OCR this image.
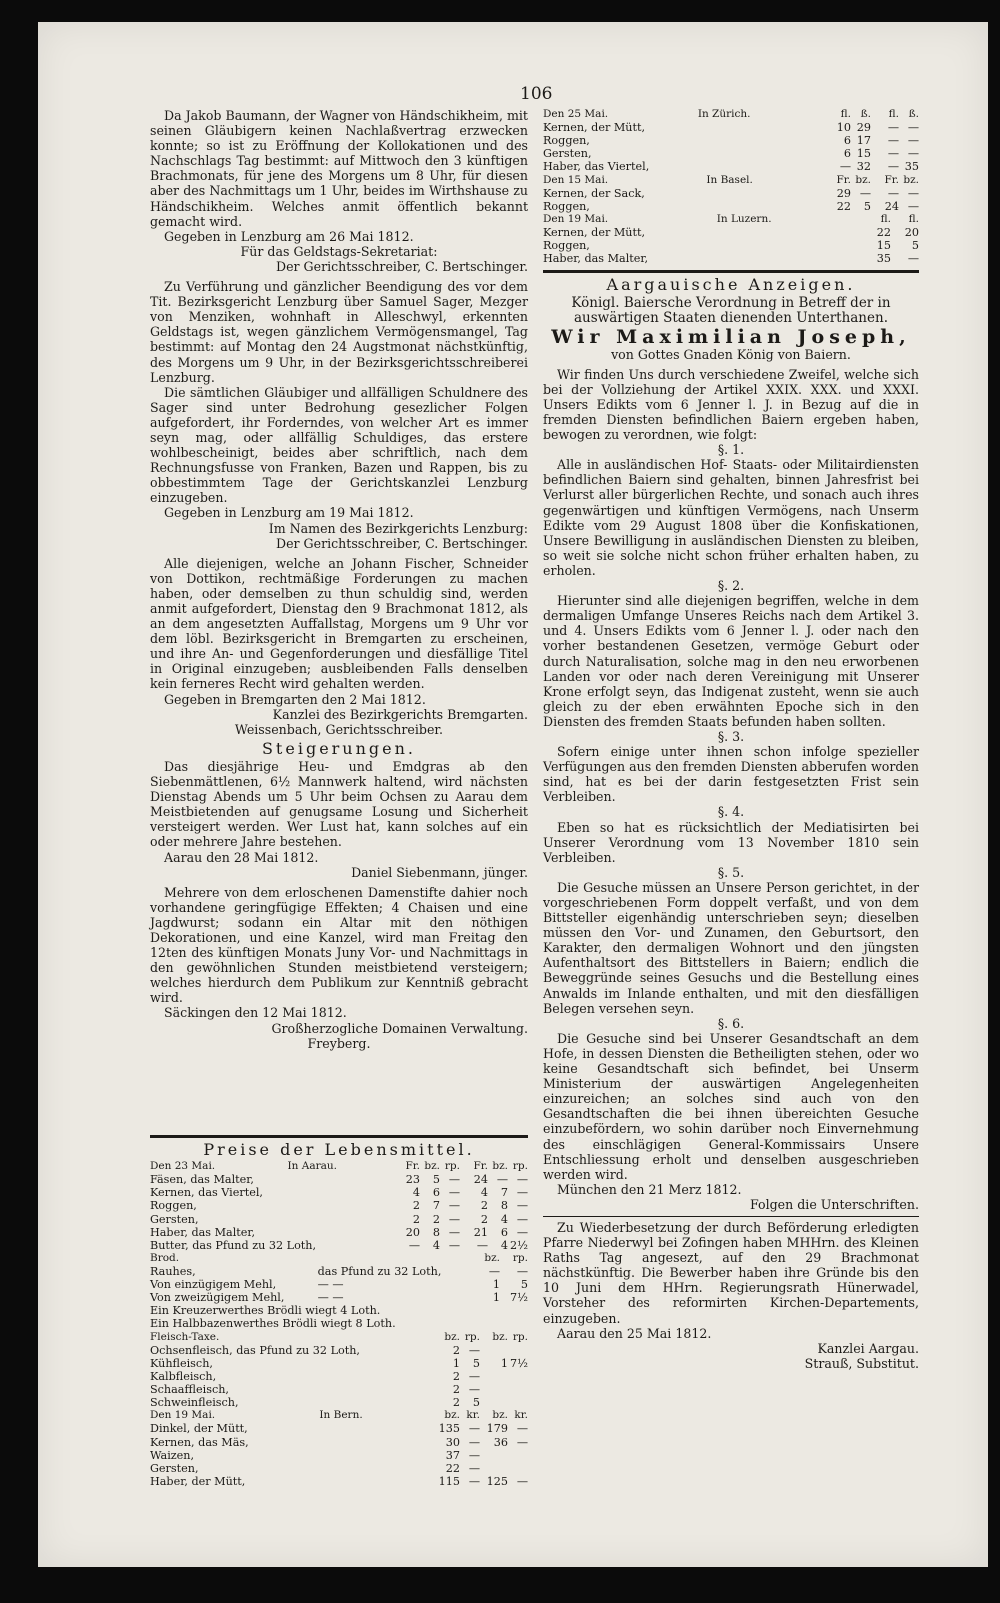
106

Da Jakob Baumann, der Wagner von Händschikheim, mit seinen Gläubigern keinen Nachlaßvertrag erzwecken konnte; so ist zu Eröffnung der Kollokationen und des Nachschlags Tag bestimmt: auf Mittwoch den 3 künftigen Brachmonats, für jene des Morgens um 8 Uhr, für diesen aber des Nachmittags um 1 Uhr, beides im Wirthshause zu Händschikheim. Welches anmit öffentlich bekannt gemacht wird.

Gegeben in Lenzburg am 26 Mai 1812.

Für das Geldstags-Sekretariat:

Der Gerichtsschreiber, C. Bertschinger.

Zu Verführung und gänzlicher Beendigung des vor dem Tit. Bezirksgericht Lenzburg über Samuel Sager, Mezger von Menziken, wohnhaft in Alleschwyl, erkennten Geldstags ist, wegen gänzlichem Vermögensmangel, Tag bestimmt: auf Montag den 24 Augstmonat nächstkünftig, des Morgens um 9 Uhr, in der Bezirksgerichtsschreiberei Lenzburg.

Die sämtlichen Gläubiger und allfälligen Schuldnere des Sager sind unter Bedrohung gesezlicher Folgen aufgefordert, ihr Forderndes, von welcher Art es immer seyn mag, oder allfällig Schuldiges, das erstere wohlbescheinigt, beides aber schriftlich, nach dem Rechnungsfusse von Franken, Bazen und Rappen, bis zu obbestimmtem Tage der Gerichtskanzlei Lenzburg einzugeben.

Gegeben in Lenzburg am 19 Mai 1812.

Im Namen des Bezirkgerichts Lenzburg:

Der Gerichtsschreiber, C. Bertschinger.

Alle diejenigen, welche an Johann Fischer, Schneider von Dottikon, rechtmäßige Forderungen zu machen haben, oder demselben zu thun schuldig sind, werden anmit aufgefordert, Dienstag den 9 Brachmonat 1812, als an dem angesetzten Auffallstag, Morgens um 9 Uhr vor dem löbl. Bezirksgericht in Bremgarten zu erscheinen, und ihre An- und Gegenforderungen und diesfällige Titel in Original einzugeben; ausbleibenden Falls denselben kein ferneres Recht wird gehalten werden.

Gegeben in Bremgarten den 2 Mai 1812.

Kanzlei des Bezirkgerichts Bremgarten.

Weissenbach, Gerichtsschreiber.

Steigerungen.

Das diesjährige Heu- und Emdgras ab den Siebenmättlenen, 6½ Mannwerk haltend, wird nächsten Dienstag Abends um 5 Uhr beim Ochsen zu Aarau dem Meistbietenden auf genugsame Losung und Sicherheit versteigert werden. Wer Lust hat, kann solches auf ein oder mehrere Jahre bestehen.

Aarau den 28 Mai 1812.

Daniel Siebenmann, jünger.

Mehrere von dem erloschenen Damenstifte dahier noch vorhandene geringfügige Effekten; 4 Chaisen und eine Jagdwurst; sodann ein Altar mit den nöthigen Dekorationen, und eine Kanzel, wird man Freitag den 12ten des künftigen Monats Juny Vor- und Nachmittags in den gewöhnlichen Stunden meistbietend versteigern; welches hierdurch dem Publikum zur Kenntniß gebracht wird.

Säckingen den 12 Mai 1812.

Großherzogliche Domainen Verwaltung.

Freyberg.

Preise der Lebensmittel.
Den 23 Mai.	In Aarau.	Fr.	bz.	rp.	Fr.	bz.	rp.
Fäsen, das Malter,		23	5	—	24	—	—
Kernen, das Viertel,		4	6	—	4	7	—
Roggen,		2	7	—	2	8	—
Gersten,		2	2	—	2	4	—
Haber, das Malter,		20	8	—	21	6	—
Butter, das Pfund zu 32 Loth,		—	4	—	—	4	2½
Brod.		bz.	rp.
Rauhes,	das Pfund zu 32 Loth,	—	—
Von einzügigem Mehl,	— —	1	5
Von zweizügigem Mehl,	— —	1	7½
Ein Kreuzerwerthes Brödli wiegt 4 Loth.			
Ein Halbbazenwerthes Brödli wiegt 8 Loth.			
Fleisch-Taxe.	bz.	rp.	bz.	rp.
Ochsenfleisch, das Pfund zu 32 Loth,	2	—		
Kühfleisch,	1	5	1	7½
Kalbfleisch,	2	—		
Schaaffleisch,	2	—		
Schweinfleisch,	2	5		
Den 19 Mai.	In Bern.	bz.	kr.	bz.	kr.
Dinkel, der Mütt,		135	—	179	—
Kernen, das Mäs,		30	—	36	—
Waizen,		37	—		
Gersten,		22	—		
Haber, der Mütt,		115	—	125	—
Den 25 Mai.	In Zürich.	fl.	ß.	fl.	ß.
Kernen, der Mütt,		10	29	—	—
Roggen,		6	17	—	—
Gersten,		6	15	—	—
Haber, das Viertel,		—	32	—	35
Den 15 Mai.	In Basel.	Fr.	bz.	Fr.	bz.
Kernen, der Sack,		29	—	—	—
Roggen,		22	5	24	—
Den 19 Mai.	In Luzern.	fl.	fl.
Kernen, der Mütt,		22	20
Roggen,		15	5
Haber, das Malter,		35	—
Aargauische Anzeigen.
Königl. Baiersche Verordnung in Betreff der in auswärtigen Staaten dienenden Unterthanen.
Wir Maximilian Joseph,

von Gottes Gnaden König von Baiern.

Wir finden Uns durch verschiedene Zweifel, welche sich bei der Vollziehung der Artikel XXIX. XXX. und XXXI. Unsers Edikts vom 6 Jenner l. J. in Bezug auf die in fremden Diensten befindlichen Baiern ergeben haben, bewogen zu verordnen, wie folgt:

§. 1.

Alle in ausländischen Hof- Staats- oder Militairdiensten befindlichen Baiern sind gehalten, binnen Jahresfrist bei Verlurst aller bürgerlichen Rechte, und sonach auch ihres gegenwärtigen und künftigen Vermögens, nach Unserm Edikte vom 29 August 1808 über die Konfiskationen, Unsere Bewilligung in ausländischen Diensten zu bleiben, so weit sie solche nicht schon früher erhalten haben, zu erholen.

§. 2.

Hierunter sind alle diejenigen begriffen, welche in dem dermaligen Umfange Unseres Reichs nach dem Artikel 3. und 4. Unsers Edikts vom 6 Jenner l. J. oder nach den vorher bestandenen Gesetzen, vermöge Geburt oder durch Naturalisation, solche mag in den neu erworbenen Landen vor oder nach deren Vereinigung mit Unserer Krone erfolgt seyn, das Indigenat zusteht, wenn sie auch gleich zu der eben erwähnten Epoche sich in den Diensten des fremden Staats befunden haben sollten.

§. 3.

Sofern einige unter ihnen schon infolge spezieller Verfügungen aus den fremden Diensten abberufen worden sind, hat es bei der darin festgesetzten Frist sein Verbleiben.

§. 4.

Eben so hat es rücksichtlich der Mediatisirten bei Unserer Verordnung vom 13 November 1810 sein Verbleiben.

§. 5.

Die Gesuche müssen an Unsere Person gerichtet, in der vorgeschriebenen Form doppelt verfaßt, und von dem Bittsteller eigenhändig unterschrieben seyn; dieselben müssen den Vor- und Zunamen, den Geburtsort, den Karakter, den dermaligen Wohnort und den jüngsten Aufenthaltsort des Bittstellers in Baiern; endlich die Beweggründe seines Gesuchs und die Bestellung eines Anwalds im Inlande enthalten, und mit den diesfälligen Belegen versehen seyn.

§. 6.

Die Gesuche sind bei Unserer Gesandtschaft an dem Hofe, in dessen Diensten die Betheiligten stehen, oder wo keine Gesandtschaft sich befindet, bei Unserm Ministerium der auswärtigen Angelegenheiten einzureichen; an solches sind auch von den Gesandtschaften die bei ihnen übereichten Gesuche einzubefördern, wo sohin darüber noch Einvernehmung des einschlägigen General-Kommissairs Unsere Entschliessung erholt und denselben ausgeschrieben werden wird.

München den 21 Merz 1812.

Folgen die Unterschriften.

Zu Wiederbesetzung der durch Beförderung erledigten Pfarre Niederwyl bei Zofingen haben MHHrn. des Kleinen Raths Tag angesezt, auf den 29 Brachmonat nächstkünftig. Die Bewerber haben ihre Gründe bis den 10 Juni dem HHrn. Regierungsrath Hünerwadel, Vorsteher des reformirten Kirchen-Departements, einzugeben.

Aarau den 25 Mai 1812.

Kanzlei Aargau.

Strauß, Substitut.
